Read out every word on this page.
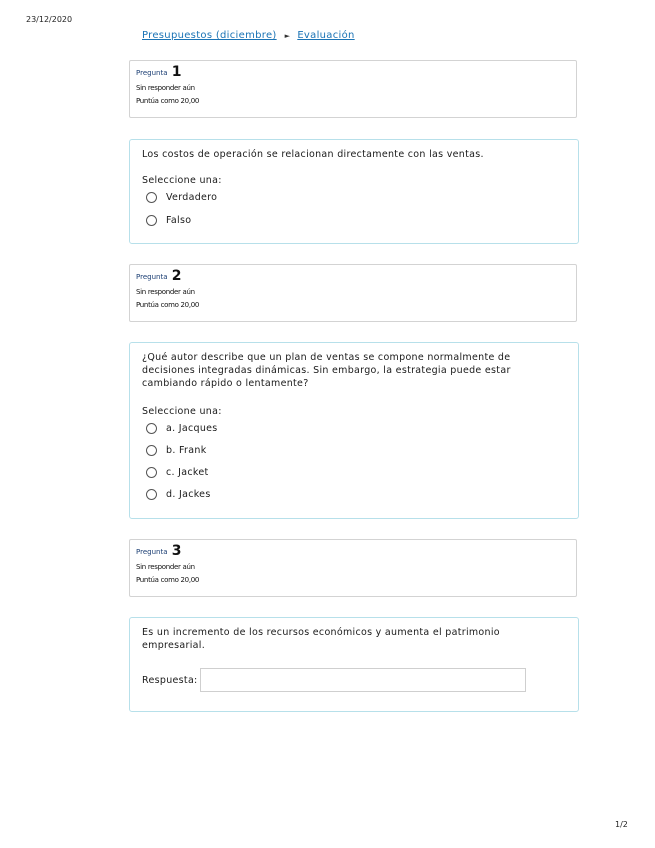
23/12/2020
Presupuestos (diciembre) ► Evaluación
Pregunta 1
Sin responder aún
Puntúa como 20,00
Los costos de operación se relacionan directamente con las ventas.
Seleccione una:
Verdadero
Falso
Pregunta 2
Sin responder aún
Puntúa como 20,00
¿Qué autor describe que un plan de ventas se compone normalmente de
decisiones integradas dinámicas. Sin embargo, la estrategia puede estar
cambiando rápido o lentamente?
Seleccione una:
a. Jacques
b. Frank
c. Jacket
d. Jackes
Pregunta 3
Sin responder aún
Puntúa como 20,00
Es un incremento de los recursos económicos y aumenta el patrimonio
empresarial.
Respuesta:
1/2
